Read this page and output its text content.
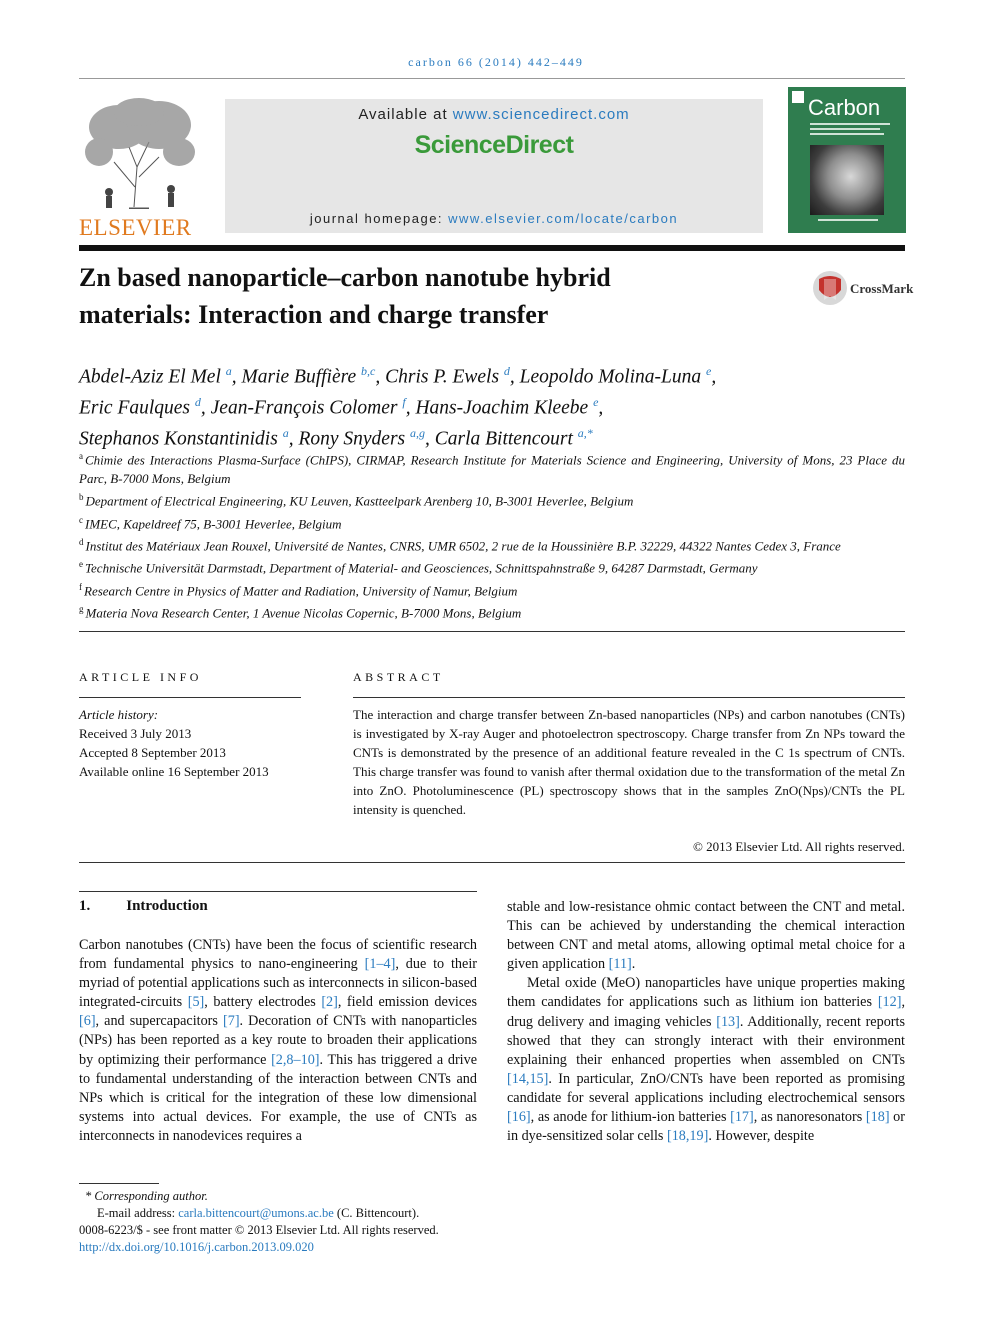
carbon 66 (2014) 442–449
ELSEVIER
Available at www.sciencedirect.com
ScienceDirect
journal homepage: www.elsevier.com/locate/carbon
Carbon
Zn based nanoparticle–carbon nanotube hybrid
materials: Interaction and charge transfer
CrossMark
Abdel-Aziz El Mel $^a$, Marie Buffière $^{b,c}$, Chris P. Ewels $^d$, Leopoldo Molina-Luna $^e$,
Eric Faulques $^d$, Jean-François Colomer $^f$, Hans-Joachim Kleebe $^e$,
Stephanos Konstantinidis $^a$, Rony Snyders $^{a,g}$, Carla Bittencourt $^{a,*}$
$^a$ Chimie des Interactions Plasma-Surface (ChIPS), CIRMAP, Research Institute for Materials Science and Engineering, University of Mons, 23 Place du Parc, B-7000 Mons, Belgium
$^b$ Department of Electrical Engineering, KU Leuven, Kastteelpark Arenberg 10, B-3001 Heverlee, Belgium
$^c$ IMEC, Kapeldreef 75, B-3001 Heverlee, Belgium
$^d$ Institut des Matériaux Jean Rouxel, Université de Nantes, CNRS, UMR 6502, 2 rue de la Houssinière B.P. 32229, 44322 Nantes Cedex 3, France
$^e$ Technische Universität Darmstadt, Department of Material- and Geosciences, Schnittspahnstraße 9, 64287 Darmstadt, Germany
$^f$ Research Centre in Physics of Matter and Radiation, University of Namur, Belgium
$^g$ Materia Nova Research Center, 1 Avenue Nicolas Copernic, B-7000 Mons, Belgium
ARTICLE INFO
Article history:
Received 3 July 2013
Accepted 8 September 2013
Available online 16 September 2013
ABSTRACT
The interaction and charge transfer between Zn-based nanoparticles (NPs) and carbon nanotubes (CNTs) is investigated by X-ray Auger and photoelectron spectroscopy. Charge transfer from Zn NPs toward the CNTs is demonstrated by the presence of an additional feature revealed in the C 1s spectrum of CNTs. This charge transfer was found to vanish after thermal oxidation due to the transformation of the metal Zn into ZnO. Photoluminescence (PL) spectroscopy shows that in the samples ZnO(Nps)/CNTs the PL intensity is quenched.
© 2013 Elsevier Ltd. All rights reserved.
1. Introduction

Carbon nanotubes (CNTs) have been the focus of scientific research from fundamental physics to nano-engineering [1–4], due to their myriad of potential applications such as interconnects in silicon-based integrated-circuits [5], battery electrodes [2], field emission devices [6], and supercapacitors [7]. Decoration of CNTs with nanoparticles (NPs) has been reported as a key route to broaden their applications by optimizing their performance [2,8–10]. This has triggered a drive to fundamental understanding of the interaction between CNTs and NPs which is critical for the integration of these low dimensional systems into actual devices. For example, the use of CNTs as interconnects in nanodevices requires a

stable and low-resistance ohmic contact between the CNT and metal. This can be achieved by understanding the chemical interaction between CNT and metal atoms, allowing optimal metal choice for a given application [11].

Metal oxide (MeO) nanoparticles have unique properties making them candidates for applications such as lithium ion batteries [12], drug delivery and imaging vehicles [13]. Additionally, recent reports showed that they can strongly interact with their environment explaining their enhanced properties when assembled on CNTs [14,15]. In particular, ZnO/CNTs have been reported as promising candidate for several applications including electrochemical sensors [16], as anode for lithium-ion batteries [17], as nanoresonators [18] or in dye-sensitized solar cells [18,19]. However, despite

* Corresponding author.
E-mail address: carla.bittencourt@umons.ac.be (C. Bittencourt).
0008-6223/$ - see front matter © 2013 Elsevier Ltd. All rights reserved.
http://dx.doi.org/10.1016/j.carbon.2013.09.020
